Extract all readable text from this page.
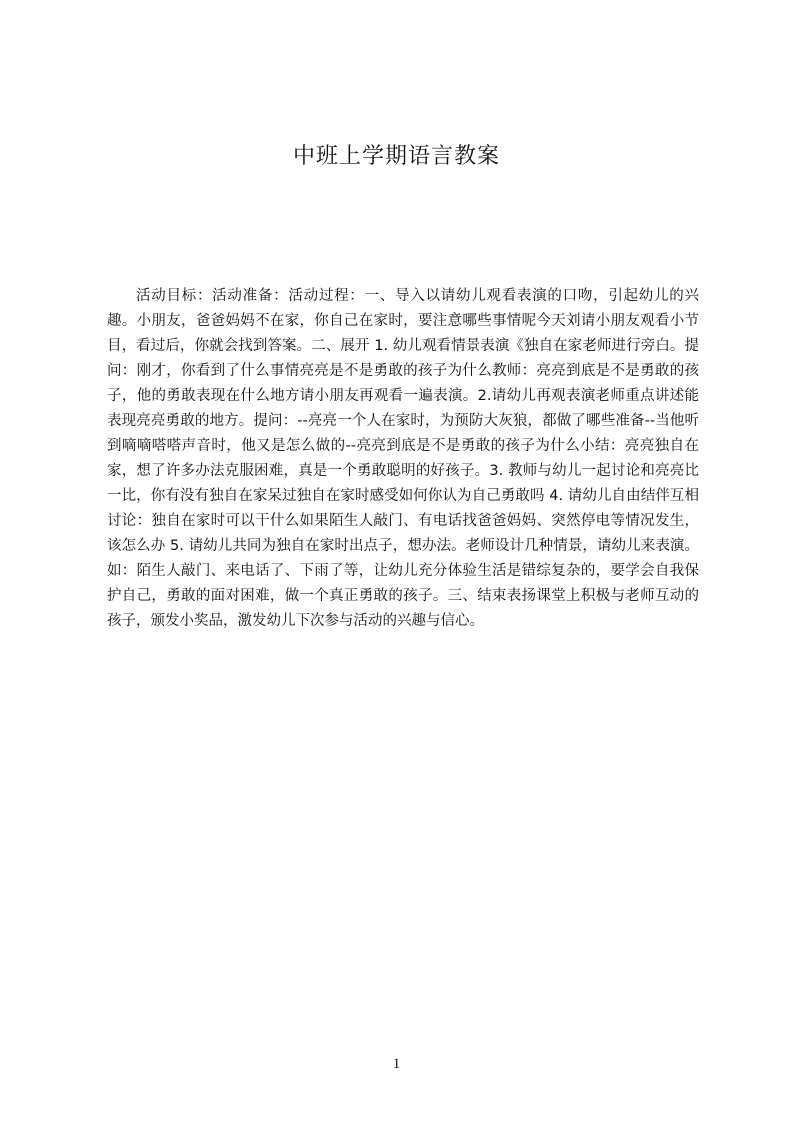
中班上学期语言教案

活动目标：活动准备：活动过程：一、导入以请幼儿观看表演的口吻，引起幼儿的兴趣。小朋友，爸爸妈妈不在家，你自己在家时，要注意哪些事情呢今天刘请小朋友观看小节目，看过后，你就会找到答案。二、展开 1. 幼儿观看情景表演《独自在家老师进行旁白。提问：刚才，你看到了什么事情亮亮是不是勇敢的孩子为什么教师：亮亮到底是不是勇敢的孩子，他的勇敢表现在什么地方请小朋友再观看一遍表演。2.请幼儿再观表演老师重点讲述能表现亮亮勇敢的地方。提问：--亮亮一个人在家时，为预防大灰狼，都做了哪些准备--当他听到嘀嘀嗒嗒声音时，他又是怎么做的--亮亮到底是不是勇敢的孩子为什么小结：亮亮独自在家，想了许多办法克服困难，真是一个勇敢聪明的好孩子。3. 教师与幼儿一起讨论和亮亮比一比，你有没有独自在家呆过独自在家时感受如何你认为自己勇敢吗 4. 请幼儿自由结伴互相讨论：独自在家时可以干什么如果陌生人敲门、有电话找爸爸妈妈、突然停电等情况发生，该怎么办 5. 请幼儿共同为独自在家时出点子，想办法。老师设计几种情景，请幼儿来表演。如：陌生人敲门、来电话了、下雨了等，让幼儿充分体验生活是错综复杂的，要学会自我保护自己，勇敢的面对困难，做一个真正勇敢的孩子。三、结束表扬课堂上积极与老师互动的孩子，颁发小奖品，激发幼儿下次参与活动的兴趣与信心。

1
